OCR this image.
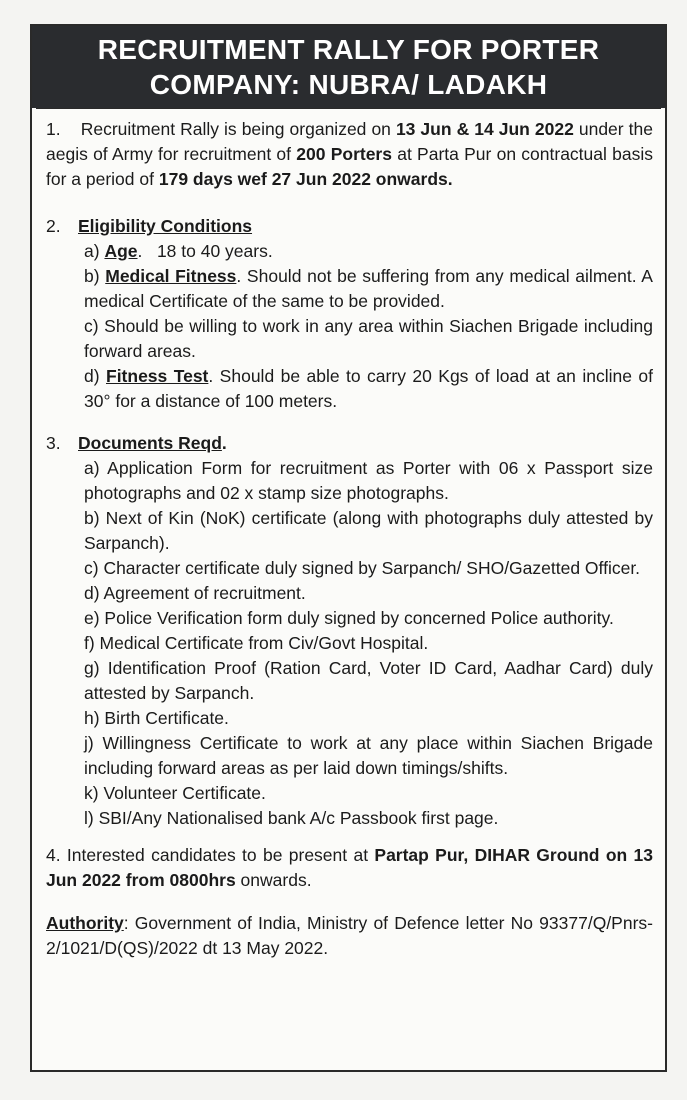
RECRUITMENT RALLY FOR PORTER
COMPANY: NUBRA/ LADAKH

1. Recruitment Rally is being organized on 13 Jun & 14 Jun 2022 under the aegis of Army for recruitment of 200 Porters at Parta Pur on contractual basis for a period of 179 days wef 27 Jun 2022 onwards.

2. Eligibility Conditions

a) Age.   18 to 40 years.

b) Medical Fitness. Should not be suffering from any medical ailment. A medical Certificate of the same to be provided.

c) Should be willing to work in any area within Siachen Brigade including forward areas.

d) Fitness Test. Should be able to carry 20 Kgs of load at an incline of 30° for a distance of 100 meters.

3. Documents Reqd.

a) Application Form for recruitment as Porter with 06 x Passport size photographs and 02 x stamp size photographs.

b) Next of Kin (NoK) certificate (along with photographs duly attested by Sarpanch).

c) Character certificate duly signed by Sarpanch/ SHO/Gazetted Officer.

d) Agreement of recruitment.

e) Police Verification form duly signed by concerned Police authority.

f) Medical Certificate from Civ/Govt Hospital.

g) Identification Proof (Ration Card, Voter ID Card, Aadhar Card) duly attested by Sarpanch.

h) Birth Certificate.

j) Willingness Certificate to work at any place within Siachen Brigade including forward areas as per laid down timings/shifts.

k) Volunteer Certificate.

l) SBI/Any Nationalised bank A/c Passbook first page.

4. Interested candidates to be present at Partap Pur, DIHAR Ground on 13 Jun 2022 from 0800hrs onwards.

Authority: Government of India, Ministry of Defence letter No 93377/Q/Pnrs- 2/1021/D(QS)/2022 dt 13 May 2022.
